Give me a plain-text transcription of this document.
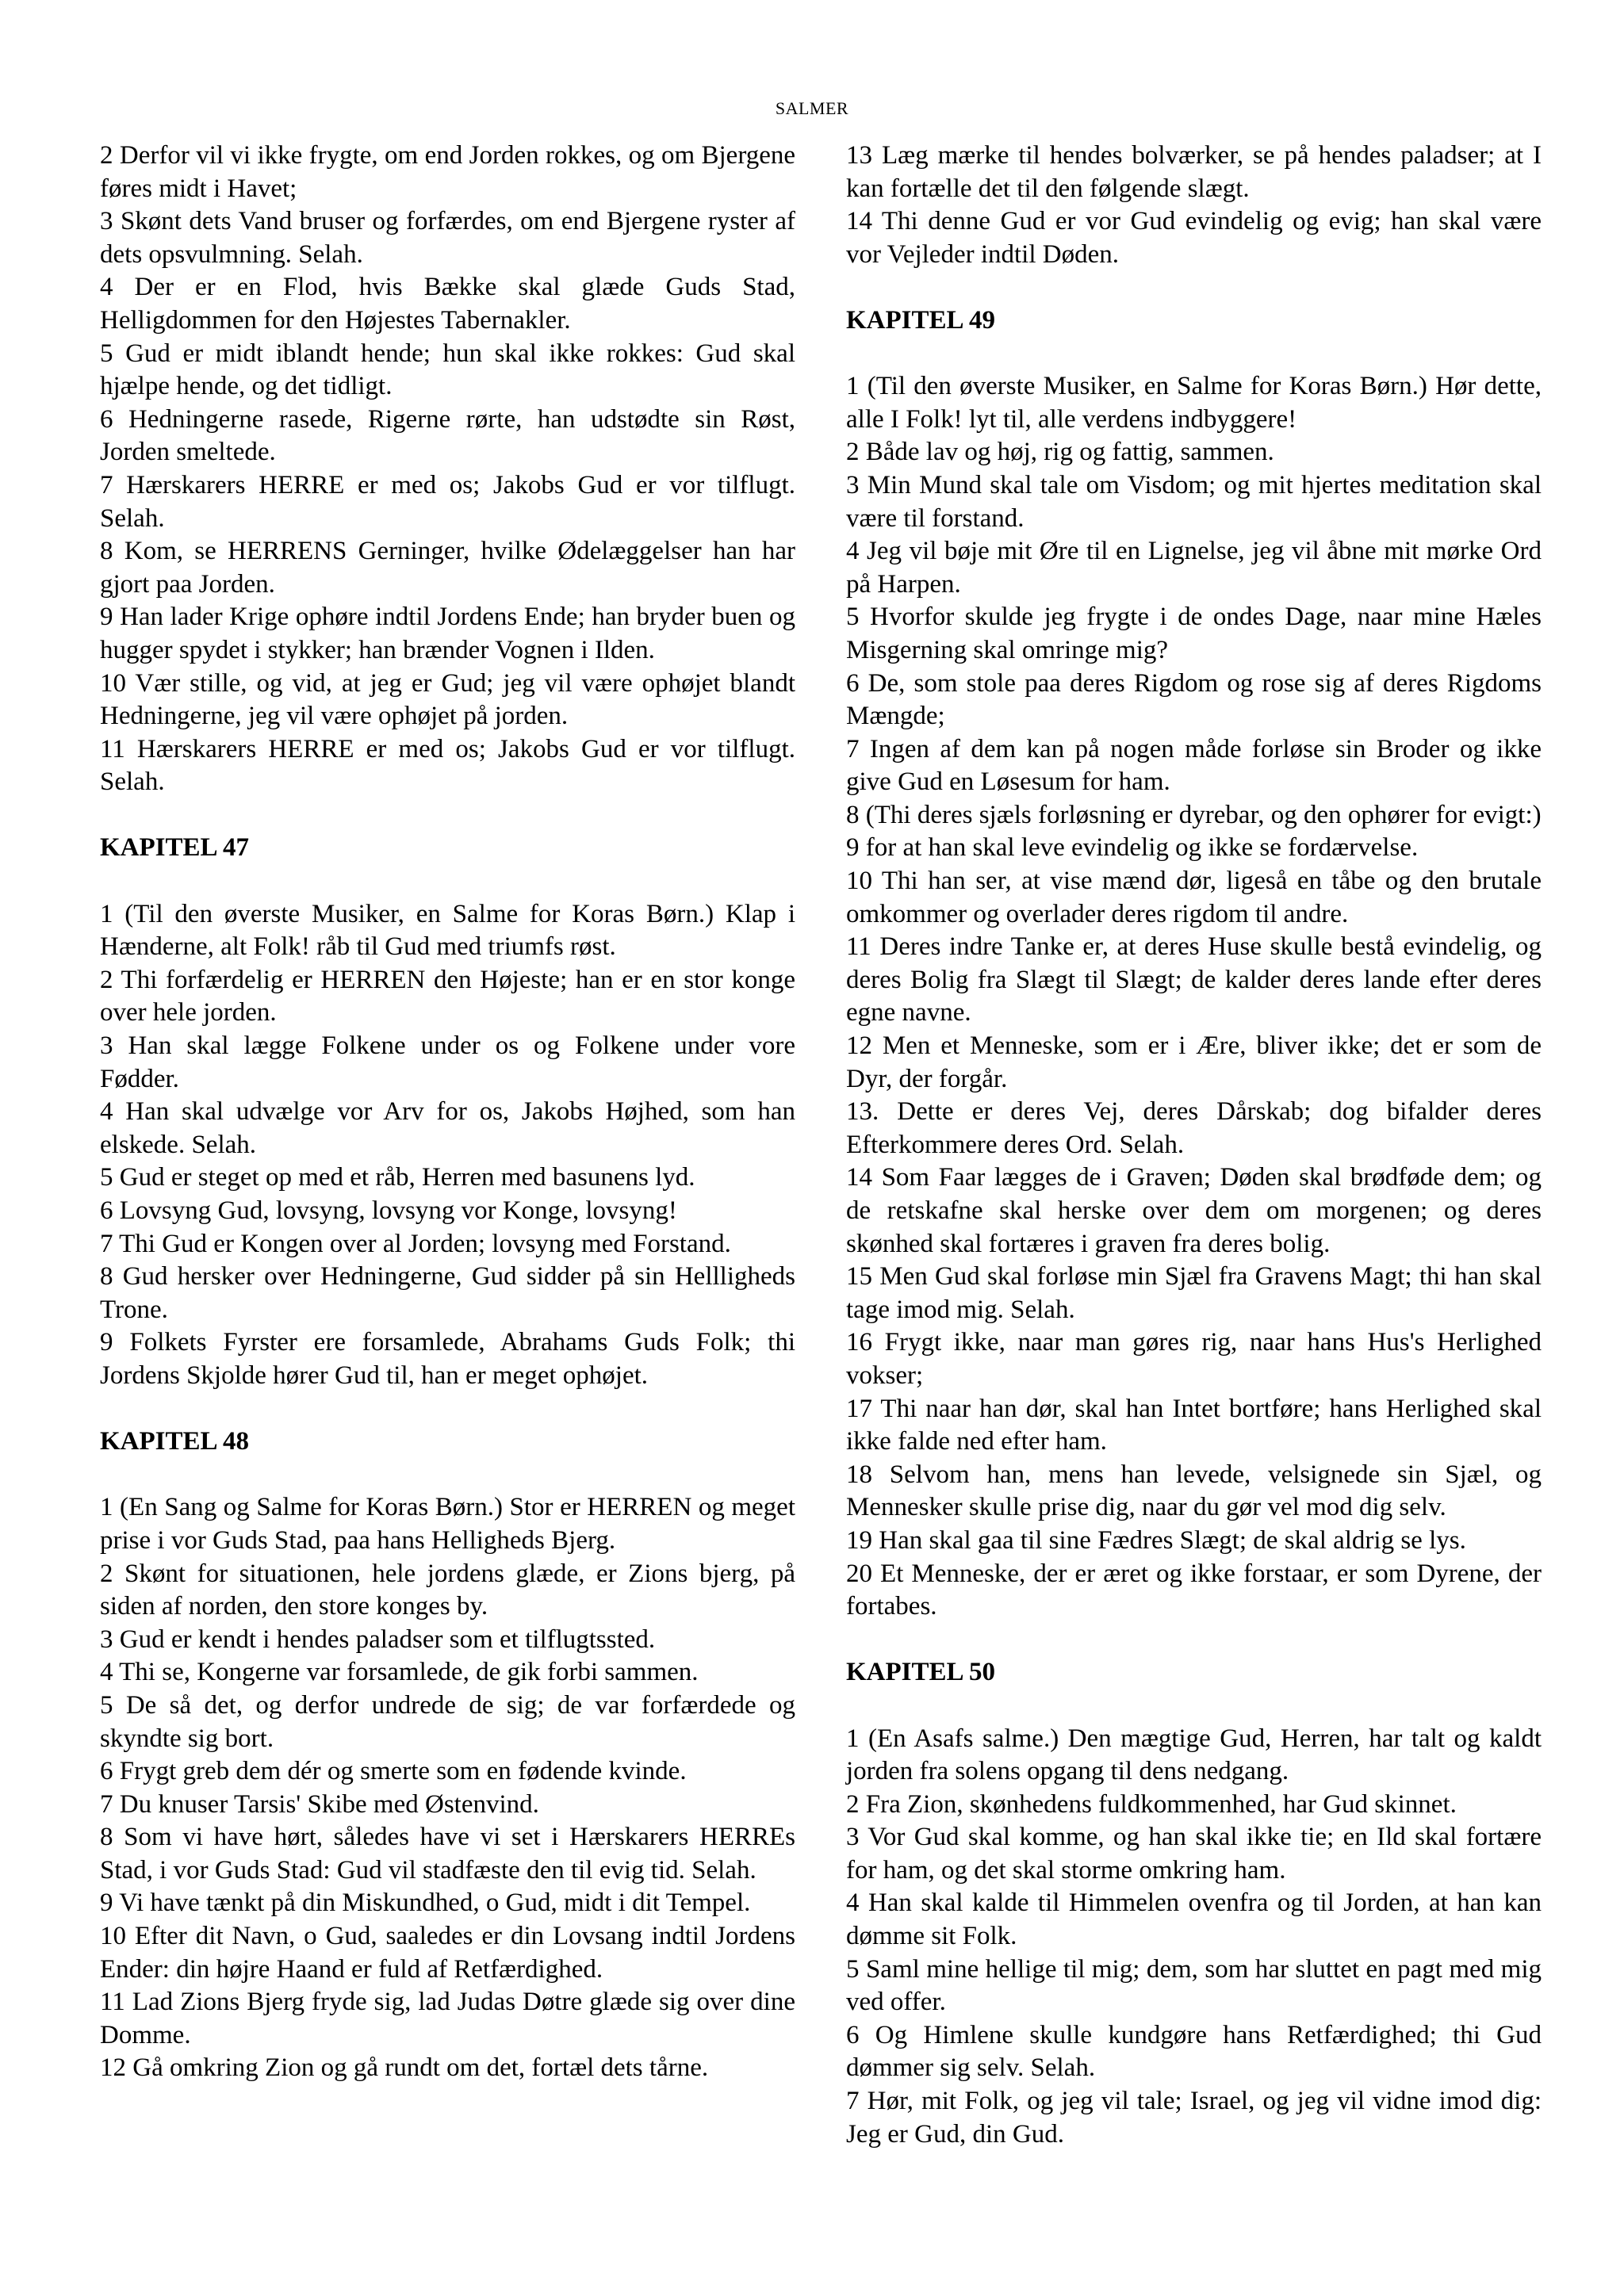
SALMER

2 Derfor vil vi ikke frygte, om end Jorden rokkes, og om Bjergene føres midt i Havet;

3 Skønt dets Vand bruser og forfærdes, om end Bjergene ryster af dets opsvulmning. Selah.

4 Der er en Flod, hvis Bække skal glæde Guds Stad, Helligdommen for den Højestes Tabernakler.

5 Gud er midt iblandt hende; hun skal ikke rokkes: Gud skal hjælpe hende, og det tidligt.

6 Hedningerne rasede, Rigerne rørte, han udstødte sin Røst, Jorden smeltede.

7 Hærskarers HERRE er med os; Jakobs Gud er vor tilflugt. Selah.

8 Kom, se HERRENS Gerninger, hvilke Ødelæggelser han har gjort paa Jorden.

9 Han lader Krige ophøre indtil Jordens Ende; han bryder buen og hugger spydet i stykker; han brænder Vognen i Ilden.

10 Vær stille, og vid, at jeg er Gud; jeg vil være ophøjet blandt Hedningerne, jeg vil være ophøjet på jorden.

11 Hærskarers HERRE er med os; Jakobs Gud er vor tilflugt. Selah.

KAPITEL 47

1 (Til den øverste Musiker, en Salme for Koras Børn.) Klap i Hænderne, alt Folk! råb til Gud med triumfs røst.

2 Thi forfærdelig er HERREN den Højeste; han er en stor konge over hele jorden.

3 Han skal lægge Folkene under os og Folkene under vore Fødder.

4 Han skal udvælge vor Arv for os, Jakobs Højhed, som han elskede. Selah.

5 Gud er steget op med et råb, Herren med basunens lyd.

6 Lovsyng Gud, lovsyng, lovsyng vor Konge, lovsyng!

7 Thi Gud er Kongen over al Jorden; lovsyng med Forstand.

8 Gud hersker over Hedningerne, Gud sidder på sin Hellligheds Trone.

9 Folkets Fyrster ere forsamlede, Abrahams Guds Folk; thi Jordens Skjolde hører Gud til, han er meget ophøjet.

KAPITEL 48

1 (En Sang og Salme for Koras Børn.) Stor er HERREN og meget prise i vor Guds Stad, paa hans Helligheds Bjerg.

2 Skønt for situationen, hele jordens glæde, er Zions bjerg, på siden af norden, den store konges by.

3 Gud er kendt i hendes paladser som et tilflugtssted.

4 Thi se, Kongerne var forsamlede, de gik forbi sammen.

5 De så det, og derfor undrede de sig; de var forfærdede og skyndte sig bort.

6 Frygt greb dem dér og smerte som en fødende kvinde.

7 Du knuser Tarsis' Skibe med Østenvind.

8 Som vi have hørt, således have vi set i Hærskarers HERREs Stad, i vor Guds Stad: Gud vil stadfæste den til evig tid. Selah.

9 Vi have tænkt på din Miskundhed, o Gud, midt i dit Tempel.

10 Efter dit Navn, o Gud, saaledes er din Lovsang indtil Jordens Ender: din højre Haand er fuld af Retfærdighed.

11 Lad Zions Bjerg fryde sig, lad Judas Døtre glæde sig over dine Domme.

12 Gå omkring Zion og gå rundt om det, fortæl dets tårne.

13 Læg mærke til hendes bolværker, se på hendes paladser; at I kan fortælle det til den følgende slægt.

14 Thi denne Gud er vor Gud evindelig og evig; han skal være vor Vejleder indtil Døden.

KAPITEL 49

1 (Til den øverste Musiker, en Salme for Koras Børn.) Hør dette, alle I Folk! lyt til, alle verdens indbyggere!

2 Både lav og høj, rig og fattig, sammen.

3 Min Mund skal tale om Visdom; og mit hjertes meditation skal være til forstand.

4 Jeg vil bøje mit Øre til en Lignelse, jeg vil åbne mit mørke Ord på Harpen.

5 Hvorfor skulde jeg frygte i de ondes Dage, naar mine Hæles Misgerning skal omringe mig?

6 De, som stole paa deres Rigdom og rose sig af deres Rigdoms Mængde;

7 Ingen af dem kan på nogen måde forløse sin Broder og ikke give Gud en Løsesum for ham.

8 (Thi deres sjæls forløsning er dyrebar, og den ophører for evigt:)

9 for at han skal leve evindelig og ikke se fordærvelse.

10 Thi han ser, at vise mænd dør, ligeså en tåbe og den brutale omkommer og overlader deres rigdom til andre.

11 Deres indre Tanke er, at deres Huse skulle bestå evindelig, og deres Bolig fra Slægt til Slægt; de kalder deres lande efter deres egne navne.

12 Men et Menneske, som er i Ære, bliver ikke; det er som de Dyr, der forgår.

13. Dette er deres Vej, deres Dårskab; dog bifalder deres Efterkommere deres Ord. Selah.

14 Som Faar lægges de i Graven; Døden skal brødføde dem; og de retskafne skal herske over dem om morgenen; og deres skønhed skal fortæres i graven fra deres bolig.

15 Men Gud skal forløse min Sjæl fra Gravens Magt; thi han skal tage imod mig. Selah.

16 Frygt ikke, naar man gøres rig, naar hans Hus's Herlighed vokser;

17 Thi naar han dør, skal han Intet bortføre; hans Herlighed skal ikke falde ned efter ham.

18 Selvom han, mens han levede, velsignede sin Sjæl, og Mennesker skulle prise dig, naar du gør vel mod dig selv.

19 Han skal gaa til sine Fædres Slægt; de skal aldrig se lys.

20 Et Menneske, der er æret og ikke forstaar, er som Dyrene, der fortabes.

KAPITEL 50

1 (En Asafs salme.) Den mægtige Gud, Herren, har talt og kaldt jorden fra solens opgang til dens nedgang.

2 Fra Zion, skønhedens fuldkommenhed, har Gud skinnet.

3 Vor Gud skal komme, og han skal ikke tie; en Ild skal fortære for ham, og det skal storme omkring ham.

4 Han skal kalde til Himmelen ovenfra og til Jorden, at han kan dømme sit Folk.

5 Saml mine hellige til mig; dem, som har sluttet en pagt med mig ved offer.

6 Og Himlene skulle kundgøre hans Retfærdighed; thi Gud dømmer sig selv. Selah.

7 Hør, mit Folk, og jeg vil tale; Israel, og jeg vil vidne imod dig: Jeg er Gud, din Gud.
